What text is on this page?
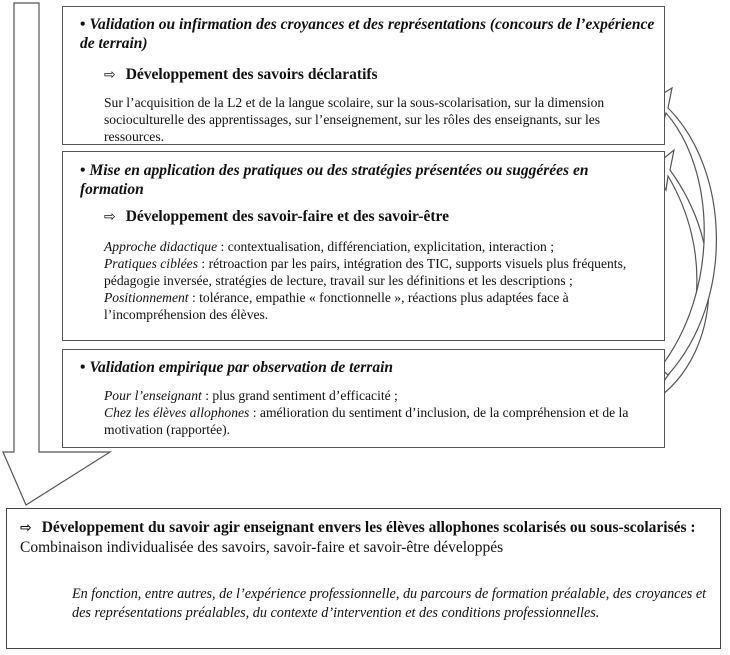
• Validation ou infirmation des croyances et des représentations (concours de l’expérience de terrain)
⇨ Développement des savoirs déclaratifs

Sur l’acquisition de la L2 et de la langue scolaire, sur la sous-scolarisation, sur la dimension socioculturelle des apprentissages, sur l’enseignement, sur les rôles des enseignants, sur les ressources.

• Mise en application des pratiques ou des stratégies présentées ou suggérées en formation
⇨ Développement des savoir-faire et des savoir-être

Approche didactique : contextualisation, différenciation, explicitation, interaction ;

Pratiques ciblées : rétroaction par les pairs, intégration des TIC, supports visuels plus fréquents, pédagogie inversée, stratégies de lecture, travail sur les définitions et les descriptions ;

Positionnement : tolérance, empathie « fonctionnelle », réactions plus adaptées face à l’incompréhension des élèves.

• Validation empirique par observation de terrain

Pour l’enseignant : plus grand sentiment d’efficacité ;

Chez les élèves allophones : amélioration du sentiment d’inclusion, de la compréhension et de la motivation (rapportée).

⇨ Développement du savoir agir enseignant envers les élèves allophones scolarisés ou sous-scolarisés : Combinaison individualisée des savoirs, savoir-faire et savoir-être développés

En fonction, entre autres, de l’expérience professionnelle, du parcours de formation préalable, des croyances et des représentations préalables, du contexte d’intervention et des conditions professionnelles.
